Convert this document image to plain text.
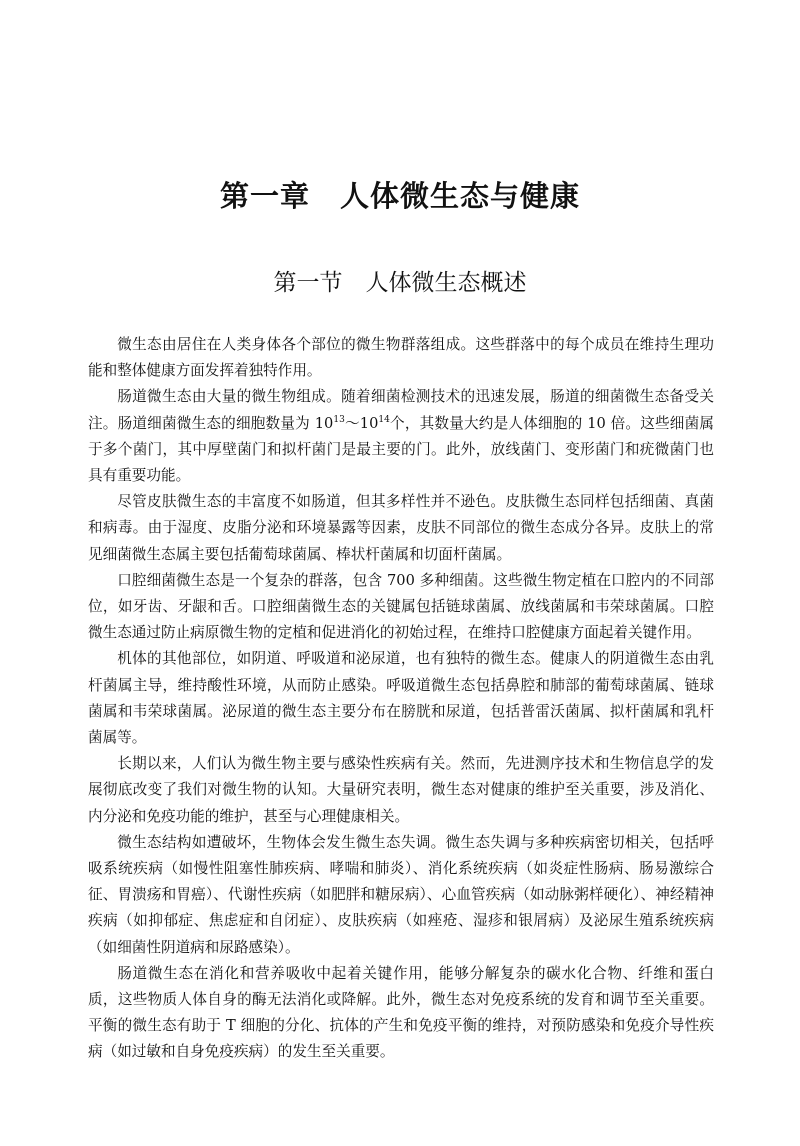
第一章　人体微生态与健康
第一节　人体微生态概述

微生态由居住在人类身体各个部位的微生物群落组成。这些群落中的每个成员在维持生理功能和整体健康方面发挥着独特作用。

肠道微生态由大量的微生物组成。随着细菌检测技术的迅速发展，肠道的细菌微生态备受关注。肠道细菌微生态的细胞数量为 $10^{13}\sim 10^{14}$个，其数量大约是人体细胞的 10 倍。这些细菌属于多个菌门，其中厚壁菌门和拟杆菌门是最主要的门。此外，放线菌门、变形菌门和疣微菌门也具有重要功能。

尽管皮肤微生态的丰富度不如肠道，但其多样性并不逊色。皮肤微生态同样包括细菌、真菌和病毒。由于湿度、皮脂分泌和环境暴露等因素，皮肤不同部位的微生态成分各异。皮肤上的常见细菌微生态属主要包括葡萄球菌属、棒状杆菌属和切面杆菌属。

口腔细菌微生态是一个复杂的群落，包含 700 多种细菌。这些微生物定植在口腔内的不同部位，如牙齿、牙龈和舌。口腔细菌微生态的关键属包括链球菌属、放线菌属和韦荣球菌属。口腔微生态通过防止病原微生物的定植和促进消化的初始过程，在维持口腔健康方面起着关键作用。

机体的其他部位，如阴道、呼吸道和泌尿道，也有独特的微生态。健康人的阴道微生态由乳杆菌属主导，维持酸性环境，从而防止感染。呼吸道微生态包括鼻腔和肺部的葡萄球菌属、链球菌属和韦荣球菌属。泌尿道的微生态主要分布在膀胱和尿道，包括普雷沃菌属、拟杆菌属和乳杆菌属等。

长期以来，人们认为微生物主要与感染性疾病有关。然而，先进测序技术和生物信息学的发展彻底改变了我们对微生物的认知。大量研究表明，微生态对健康的维护至关重要，涉及消化、内分泌和免疫功能的维护，甚至与心理健康相关。

微生态结构如遭破坏，生物体会发生微生态失调。微生态失调与多种疾病密切相关，包括呼吸系统疾病（如慢性阻塞性肺疾病、哮喘和肺炎）、消化系统疾病（如炎症性肠病、肠易激综合征、胃溃疡和胃癌）、代谢性疾病（如肥胖和糖尿病）、心血管疾病（如动脉粥样硬化）、神经精神疾病（如抑郁症、焦虑症和自闭症）、皮肤疾病（如痤疮、湿疹和银屑病）及泌尿生殖系统疾病（如细菌性阴道病和尿路感染）。

肠道微生态在消化和营养吸收中起着关键作用，能够分解复杂的碳水化合物、纤维和蛋白质，这些物质人体自身的酶无法消化或降解。此外，微生态对免疫系统的发育和调节至关重要。平衡的微生态有助于 T 细胞的分化、抗体的产生和免疫平衡的维持，对预防感染和免疫介导性疾病（如过敏和自身免疫疾病）的发生至关重要。
